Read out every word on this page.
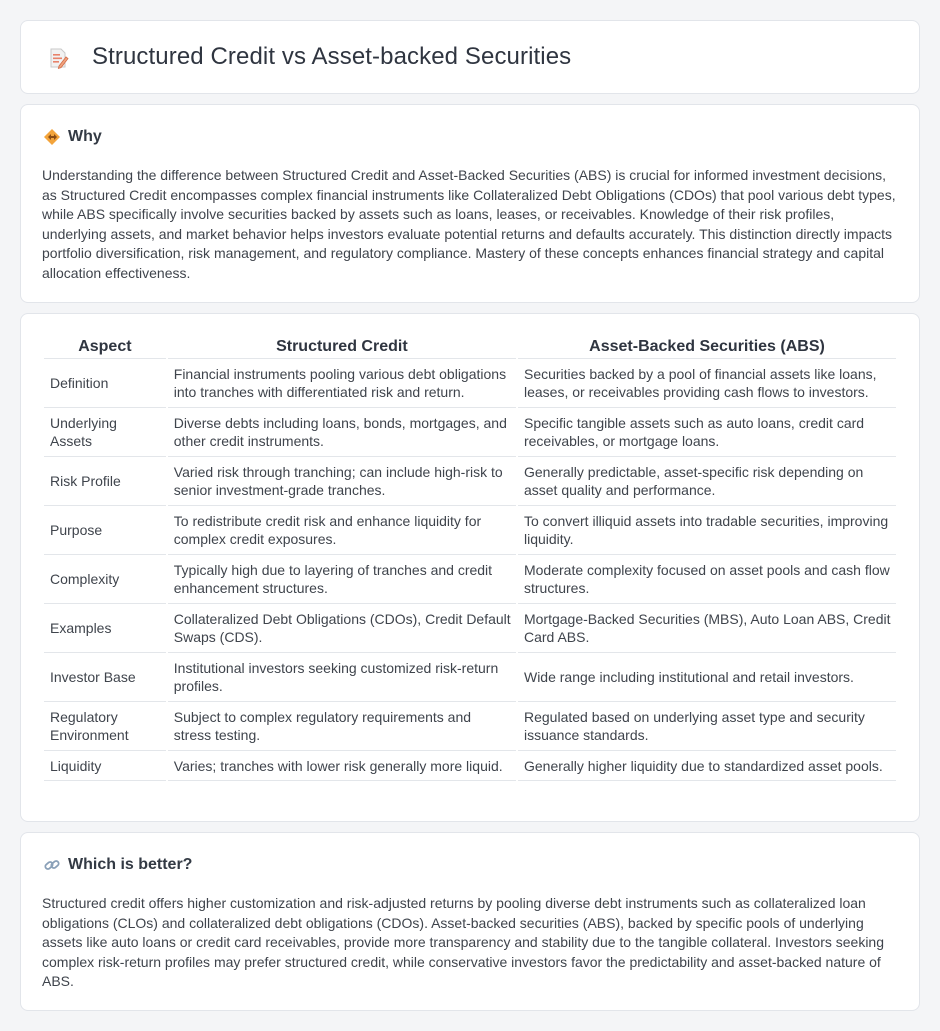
Structured Credit vs Asset-backed Securities
Why

Understanding the difference between Structured Credit and Asset-Backed Securities (ABS) is crucial for informed investment decisions, as Structured Credit encompasses complex financial instruments like Collateralized Debt Obligations (CDOs) that pool various debt types, while ABS specifically involve securities backed by assets such as loans, leases, or receivables. Knowledge of their risk profiles, underlying assets, and market behavior helps investors evaluate potential returns and defaults accurately. This distinction directly impacts portfolio diversification, risk management, and regulatory compliance. Mastery of these concepts enhances financial strategy and capital allocation effectiveness.

Aspect	Structured Credit	Asset-Backed Securities (ABS)
Definition	Financial instruments pooling various debt obligations into tranches with differentiated risk and return.	Securities backed by a pool of financial assets like loans, leases, or receivables providing cash flows to investors.
Underlying Assets	Diverse debts including loans, bonds, mortgages, and other credit instruments.	Specific tangible assets such as auto loans, credit card receivables, or mortgage loans.
Risk Profile	Varied risk through tranching; can include high-risk to senior investment-grade tranches.	Generally predictable, asset-specific risk depending on asset quality and performance.
Purpose	To redistribute credit risk and enhance liquidity for complex credit exposures.	To convert illiquid assets into tradable securities, improving liquidity.
Complexity	Typically high due to layering of tranches and credit enhancement structures.	Moderate complexity focused on asset pools and cash flow structures.
Examples	Collateralized Debt Obligations (CDOs), Credit Default Swaps (CDS).	Mortgage-Backed Securities (MBS), Auto Loan ABS, Credit Card ABS.
Investor Base	Institutional investors seeking customized risk-return profiles.	Wide range including institutional and retail investors.
Regulatory Environment	Subject to complex regulatory requirements and stress testing.	Regulated based on underlying asset type and security issuance standards.
Liquidity	Varies; tranches with lower risk generally more liquid.	Generally higher liquidity due to standardized asset pools.
Which is better?

Structured credit offers higher customization and risk-adjusted returns by pooling diverse debt instruments such as collateralized loan obligations (CLOs) and collateralized debt obligations (CDOs). Asset-backed securities (ABS), backed by specific pools of underlying assets like auto loans or credit card receivables, provide more transparency and stability due to the tangible collateral. Investors seeking complex risk-return profiles may prefer structured credit, while conservative investors favor the predictability and asset-backed nature of ABS.
